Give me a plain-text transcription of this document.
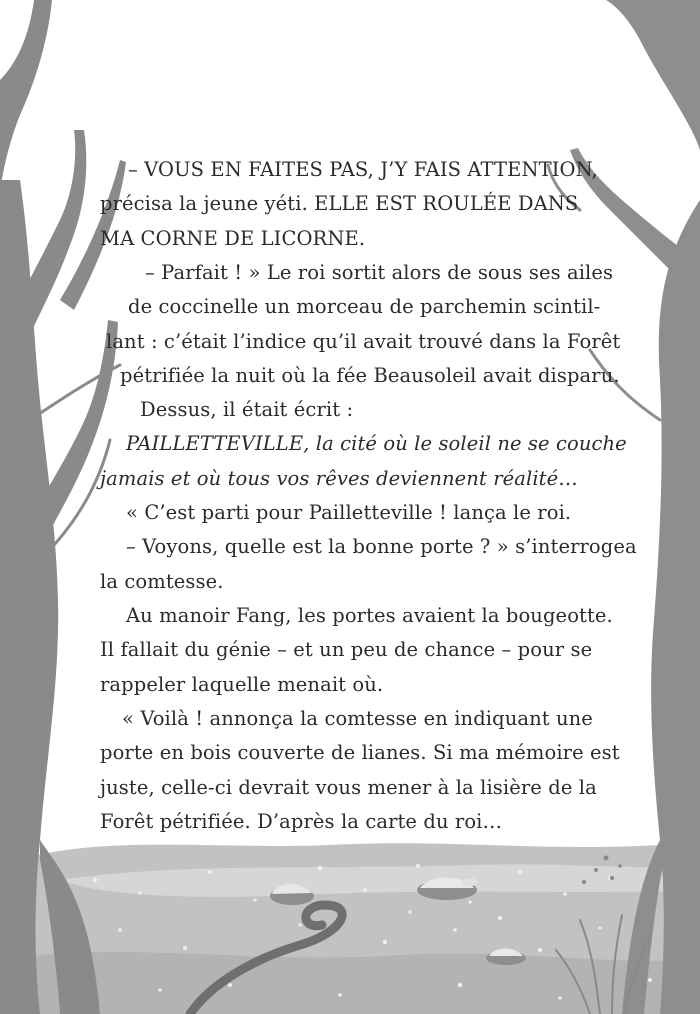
– VOUS EN FAITES PAS, J’Y FAIS ATTENTION,
précisa la jeune yéti. ELLE EST ROULÉE DANS
MA CORNE DE LICORNE.
– Parfait ! » Le roi sortit alors de sous ses ailes
de coccinelle un morceau de parchemin scintil-
lant : c’était l’indice qu’il avait trouvé dans la Forêt
pétrifiée la nuit où la fée Beausoleil avait disparu.
Dessus, il était écrit :
PAILLETTEVILLE, la cité où le soleil ne se couche
jamais et où tous vos rêves deviennent réalité…
« C’est parti pour Pailletteville ! lança le roi.
– Voyons, quelle est la bonne porte ? » s’interrogea
la comtesse.
Au manoir Fang, les portes avaient la bougeotte.
Il fallait du génie – et un peu de chance – pour se
rappeler laquelle menait où.
« Voilà ! annonça la comtesse en indiquant une
porte en bois couverte de lianes. Si ma mémoire est
juste, celle-ci devrait vous mener à la lisière de la
Forêt pétrifiée. D’après la carte du roi…
